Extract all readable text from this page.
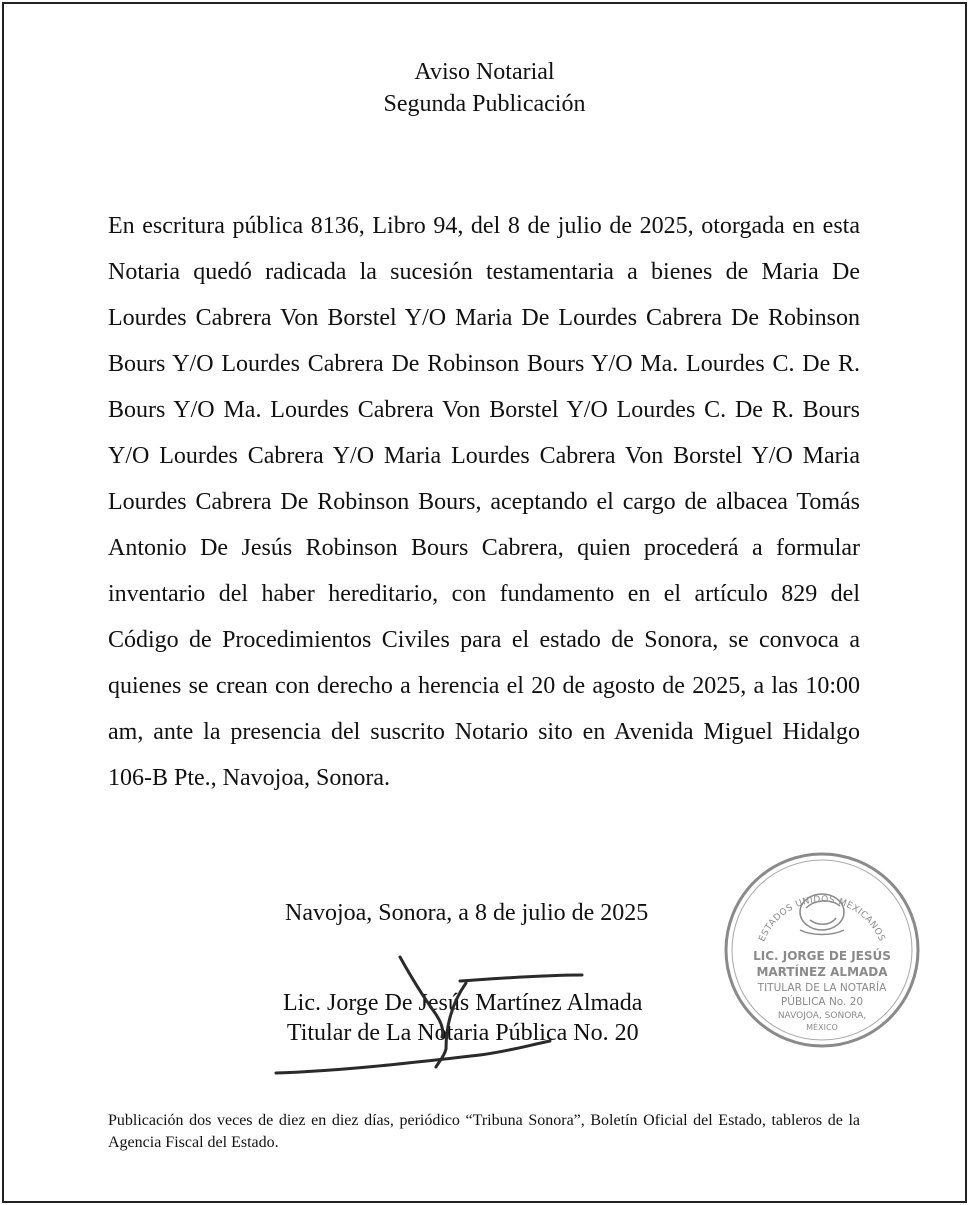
Aviso Notarial
Segunda Publicación

En escritura pública 8136, Libro 94, del 8 de julio de 2025, otorgada en esta Notaria quedó radicada la sucesión testamentaria a bienes de Maria De Lourdes Cabrera Von Borstel Y/O Maria De Lourdes Cabrera De Robinson Bours Y/O Lourdes Cabrera De Robinson Bours Y/O Ma. Lourdes C. De R. Bours Y/O Ma. Lourdes Cabrera Von Borstel Y/O Lourdes C. De R. Bours Y/O Lourdes Cabrera Y/O Maria Lourdes Cabrera Von Borstel Y/O Maria Lourdes Cabrera De Robinson Bours, aceptando el cargo de albacea Tomás Antonio De Jesús Robinson Bours Cabrera, quien procederá a formular inventario del haber hereditario, con fundamento en el artículo 829 del Código de Procedimientos Civiles para el estado de Sonora, se convoca a quienes se crean con derecho a herencia el 20 de agosto de 2025, a las 10:00 am, ante la presencia del suscrito Notario sito en Avenida Miguel Hidalgo 106-B Pte., Navojoa, Sonora.

Navojoa, Sonora, a 8 de julio de 2025
Lic. Jorge De Jesús Martínez Almada
Titular de La Notaria Pública No. 20
ESTADOS UNIDOS MEXICANOS
LIC. JORGE DE JESÚS
MARTÍNEZ ALMADA
TITULAR DE LA NOTARÍA
PÚBLICA No. 20
NAVOJOA, SONORA,
MÉXICO

Publicación dos veces de diez en diez días, periódico “Tribuna Sonora”, Boletín Oficial del Estado, tableros de la Agencia Fiscal del Estado.
